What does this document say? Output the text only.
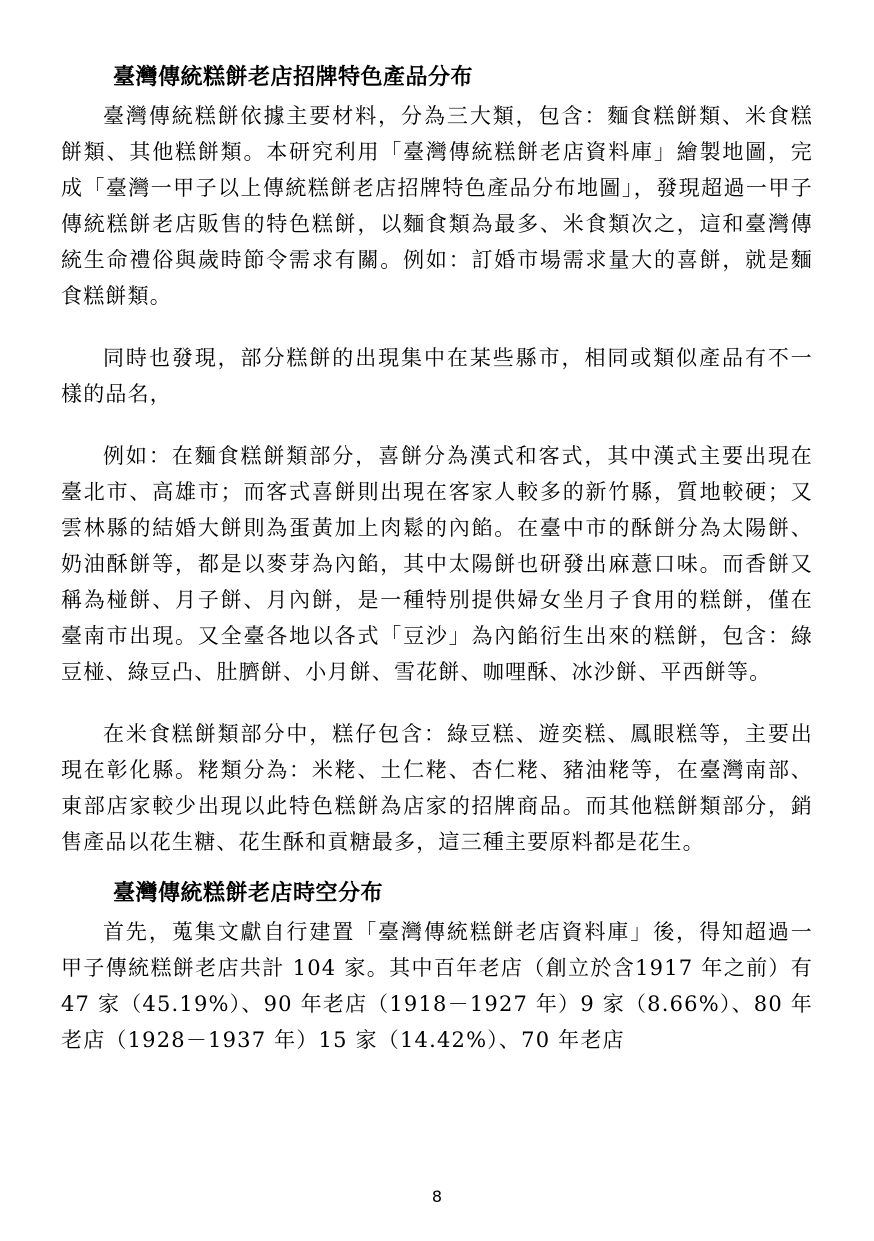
臺灣傳統糕餅老店招牌特色產品分布

臺灣傳統糕餅依據主要材料，分為三大類，包含：麵食糕餅類、米食糕餅類、其他糕餅類。本研究利用「臺灣傳統糕餅老店資料庫」繪製地圖，完成「臺灣一甲子以上傳統糕餅老店招牌特色產品分布地圖」，發現超過一甲子傳統糕餅老店販售的特色糕餅，以麵食類為最多、米食類次之，這和臺灣傳統生命禮俗與歲時節令需求有關。例如：訂婚市場需求量大的喜餅，就是麵食糕餅類。

同時也發現，部分糕餅的出現集中在某些縣市，相同或類似產品有不一樣的品名，

例如：在麵食糕餅類部分，喜餅分為漢式和客式，其中漢式主要出現在臺北市、高雄市；而客式喜餅則出現在客家人較多的新竹縣，質地較硬；又雲林縣的結婚大餅則為蛋黃加上肉鬆的內餡。在臺中市的酥餅分為太陽餅、奶油酥餅等，都是以麥芽為內餡，其中太陽餅也研發出麻薏口味。而香餅又稱為椪餅、月子餅、月內餅，是一種特別提供婦女坐月子食用的糕餅，僅在臺南市出現。又全臺各地以各式「豆沙」為內餡衍生出來的糕餅，包含：綠豆椪、綠豆凸、肚臍餅、小月餅、雪花餅、咖哩酥、冰沙餅、平西餅等。

在米食糕餅類部分中，糕仔包含：綠豆糕、遊奕糕、鳳眼糕等，主要出現在彰化縣。粩類分為：米粩、土仁粩、杏仁粩、豬油粩等，在臺灣南部、東部店家較少出現以此特色糕餅為店家的招牌商品。而其他糕餅類部分，銷售產品以花生糖、花生酥和貢糖最多，這三種主要原料都是花生。

臺灣傳統糕餅老店時空分布

首先，蒐集文獻自行建置「臺灣傳統糕餅老店資料庫」後，得知超過一甲子傳統糕餅老店共計 104 家。其中百年老店（創立於含1917 年之前）有 47 家（45.19%）、90 年老店（1918－1927 年）9 家（8.66%）、80 年老店（1928－1937 年）15 家（14.42%）、70 年老店

8
